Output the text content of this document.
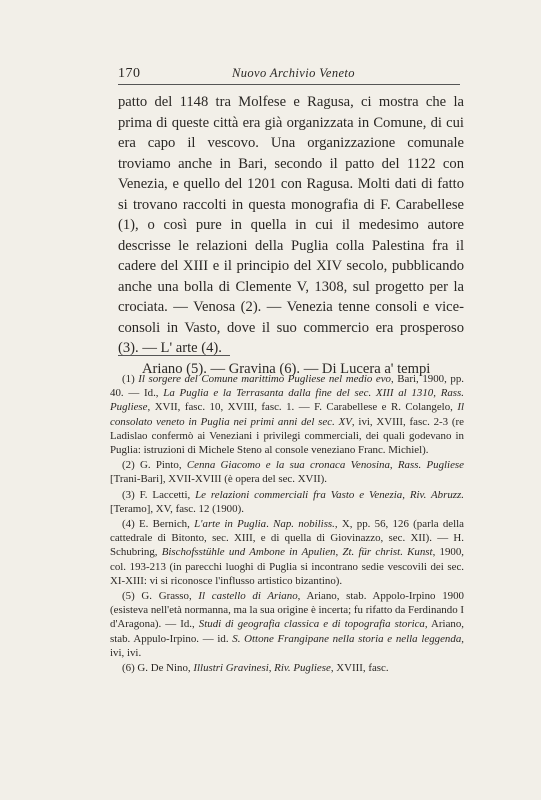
170	Nuovo Archivio Veneto

patto del 1148 tra Molfese e Ragusa, ci mostra che la prima di queste città era già organizzata in Comune, di cui era capo il vescovo. Una organizzazione comunale troviamo anche in Bari, secondo il patto del 1122 con Venezia, e quello del 1201 con Ragusa. Molti dati di fatto si trovano raccolti in questa monografia di F. Carabellese (1), o così pure in quella in cui il medesimo autore descrisse le relazioni della Puglia colla Palestina fra il cadere del XIII e il principio del XIV secolo, pubblicando anche una bolla di Clemente V, 1308, sul progetto per la crociata. — Venosa (2). — Venezia tenne consoli e vice-consoli in Vasto, dove il suo commercio era prosperoso (3). — L' arte (4).

Ariano (5). — Gravina (6). — Di Lucera a' tempi

(1) Il sorgere del Comune marittimo Pugliese nel medio evo, Bari, 1900, pp. 40. — Id., La Puglia e la Terrasanta dalla fine del sec. XIII al 1310, Rass. Pugliese, XVII, fasc. 10, XVIII, fasc. 1. — F. Carabellese e R. Colangelo, Il consolato veneto in Puglia nei primi anni del sec. XV, ivi, XVIII, fasc. 2-3 (re Ladislao confermò ai Veneziani i privilegi commerciali, dei quali godevano in Puglia: istruzioni di Michele Steno al console veneziano Franc. Michiel).

(2) G. Pinto, Cenna Giacomo e la sua cronaca Venosina, Rass. Pugliese [Trani-Bari], XVII-XVIII (è opera del sec. XVII).

(3) F. Laccetti, Le relazioni commerciali fra Vasto e Venezia, Riv. Abruzz. [Teramo], XV, fasc. 12 (1900).

(4) E. Bernich, L'arte in Puglia. Nap. nobiliss., X, pp. 56, 126 (parla della cattedrale di Bitonto, sec. XIII, e di quella di Giovinazzo, sec. XII). — H. Schubring, Bischofsstühle und Ambone in Apulien, Zt. für christ. Kunst, 1900, col. 193-213 (in parecchi luoghi di Puglia si incontrano sedie vescovili dei sec. XI-XIII: vi si riconosce l'influsso artistico bizantino).

(5) G. Grasso, Il castello di Ariano, Ariano, stab. Appolo-Irpino 1900 (esisteva nell'età normanna, ma la sua origine è incerta; fu rifatto da Ferdinando I d'Aragona). — Id., Studi di geografia classica e di topografia storica, Ariano, stab. Appulo-Irpino. — id. S. Ottone Frangipane nella storia e nella leggenda, ivi, ivi.

(6) G. De Nino, Illustri Gravinesi, Riv. Pugliese, XVIII, fasc.
